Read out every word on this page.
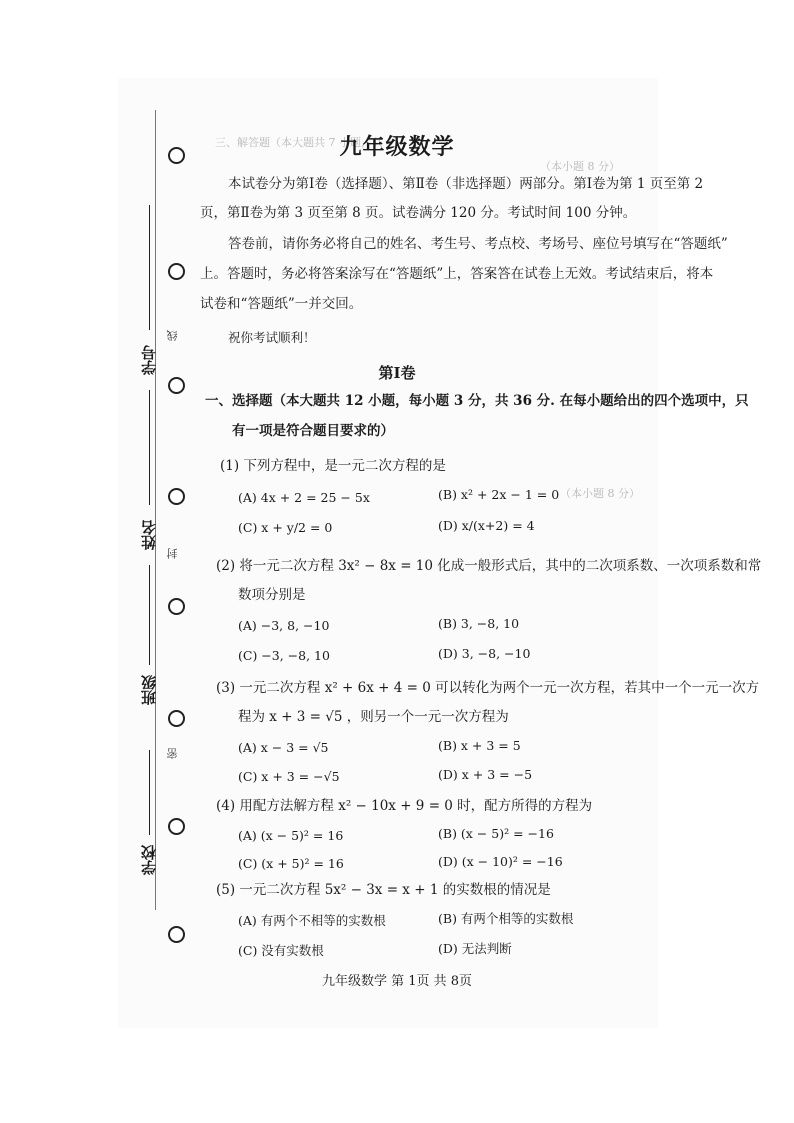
学号
线
姓名
封
班级
密
学校
三、解答题（本大题共 7 小题，共
（本小题 8 分）
（本小题 8 分）
九年级数学
本试卷分为第Ⅰ卷（选择题）、第Ⅱ卷（非选择题）两部分。第Ⅰ卷为第 1 页至第 2
页，第Ⅱ卷为第 3 页至第 8 页。试卷满分 120 分。考试时间 100 分钟。
答卷前，请你务必将自己的姓名、考生号、考点校、考场号、座位号填写在“答题纸”
上。答题时，务必将答案涂写在“答题纸”上，答案答在试卷上无效。考试结束后，将本
试卷和“答题纸”一并交回。
祝你考试顺利！
第Ⅰ卷
一、选择题（本大题共 12 小题，每小题 3 分，共 36 分. 在每小题给出的四个选项中，只
有一项是符合题目要求的）
(1) 下列方程中，是一元二次方程的是
(A) 4x + 2 = 25 − 5x	(B) x² + 2x − 1 = 0
(C) x + y/2 = 0	(D) x/(x+2) = 4
(2) 将一元二次方程 3x² − 8x = 10 化成一般形式后，其中的二次项系数、一次项系数和常
数项分别是
(A) −3, 8, −10	(B) 3, −8, 10
(C) −3, −8, 10	(D) 3, −8, −10
(3) 一元二次方程 x² + 6x + 4 = 0 可以转化为两个一元一次方程，若其中一个一元一次方
程为 x + 3 = √5 ，则另一个一元一次方程为
(A) x − 3 = √5	(B) x + 3 = 5
(C) x + 3 = −√5	(D) x + 3 = −5
(4) 用配方法解方程 x² − 10x + 9 = 0 时，配方所得的方程为
(A) (x − 5)² = 16	(B) (x − 5)² = −16
(C) (x + 5)² = 16	(D) (x − 10)² = −16
(5) 一元二次方程 5x² − 3x = x + 1 的实数根的情况是
(A) 有两个不相等的实数根	(B) 有两个相等的实数根
(C) 没有实数根	(D) 无法判断
九年级数学 第 1页 共 8页
